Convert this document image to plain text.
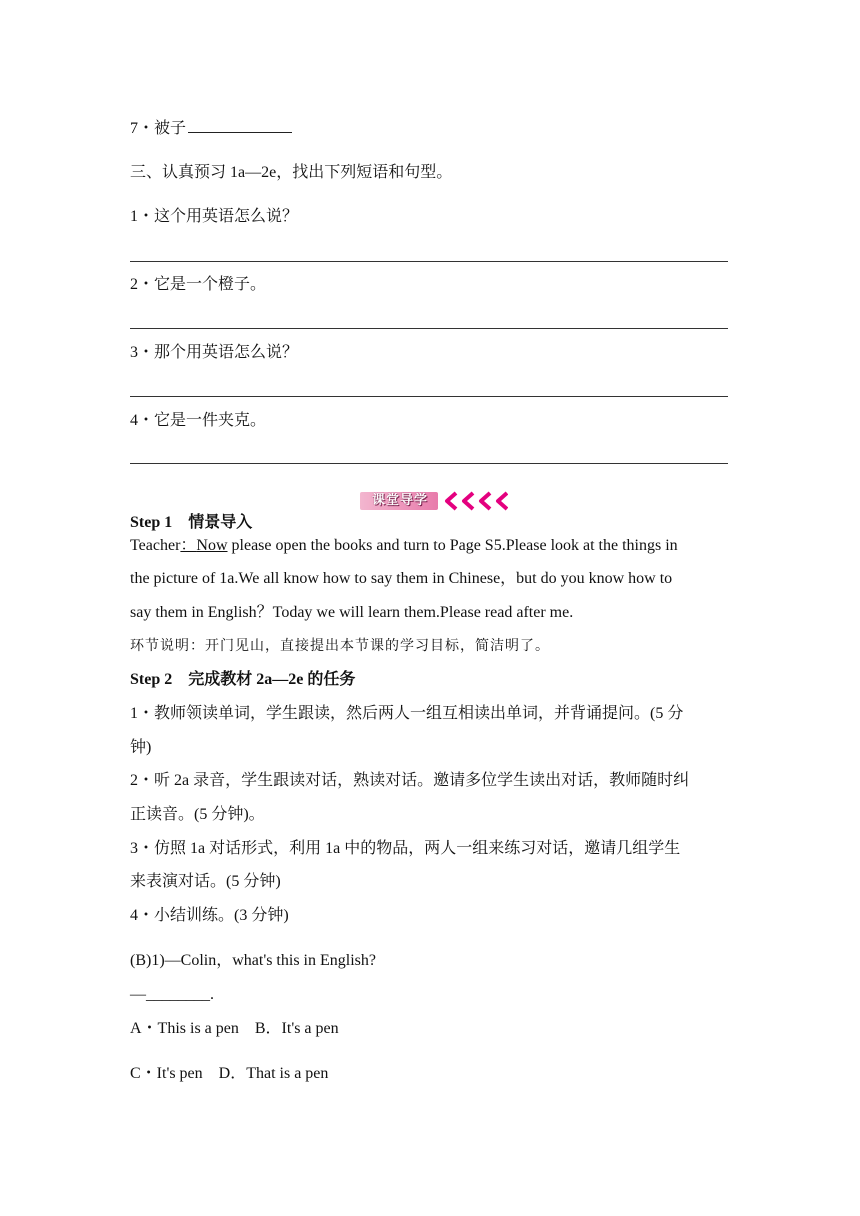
7・被子
三、认真预习 1a—2e，找出下列短语和句型。
1・这个用英语怎么说？
2・它是一个橙子。
3・那个用英语怎么说？
4・它是一件夹克。
课堂导学
Step 1　情景导入
Teacher：Now please open the books and turn to Page S5.Please look at the things in
the picture of 1a.We all know how to say them in Chinese，but do you know how to
say them in English？Today we will learn them.Please read after me.
环节说明：开门见山，直接提出本节课的学习目标，简洁明了。
Step 2　完成教材 2a—2e 的任务
1・教师领读单词，学生跟读，然后两人一组互相读出单词，并背诵提问。(5 分
钟)
2・听 2a 录音，学生跟读对话，熟读对话。邀请多位学生读出对话，教师随时纠
正读音。(5 分钟)。
3・仿照 1a 对话形式，利用 1a 中的物品，两人一组来练习对话，邀请几组学生
来表演对话。(5 分钟)
4・小结训练。(3 分钟)
(B)1)—Colin，what's this in English?
—________.
A・This is a pen　B．It's a pen
C・It's pen　D．That is a pen
